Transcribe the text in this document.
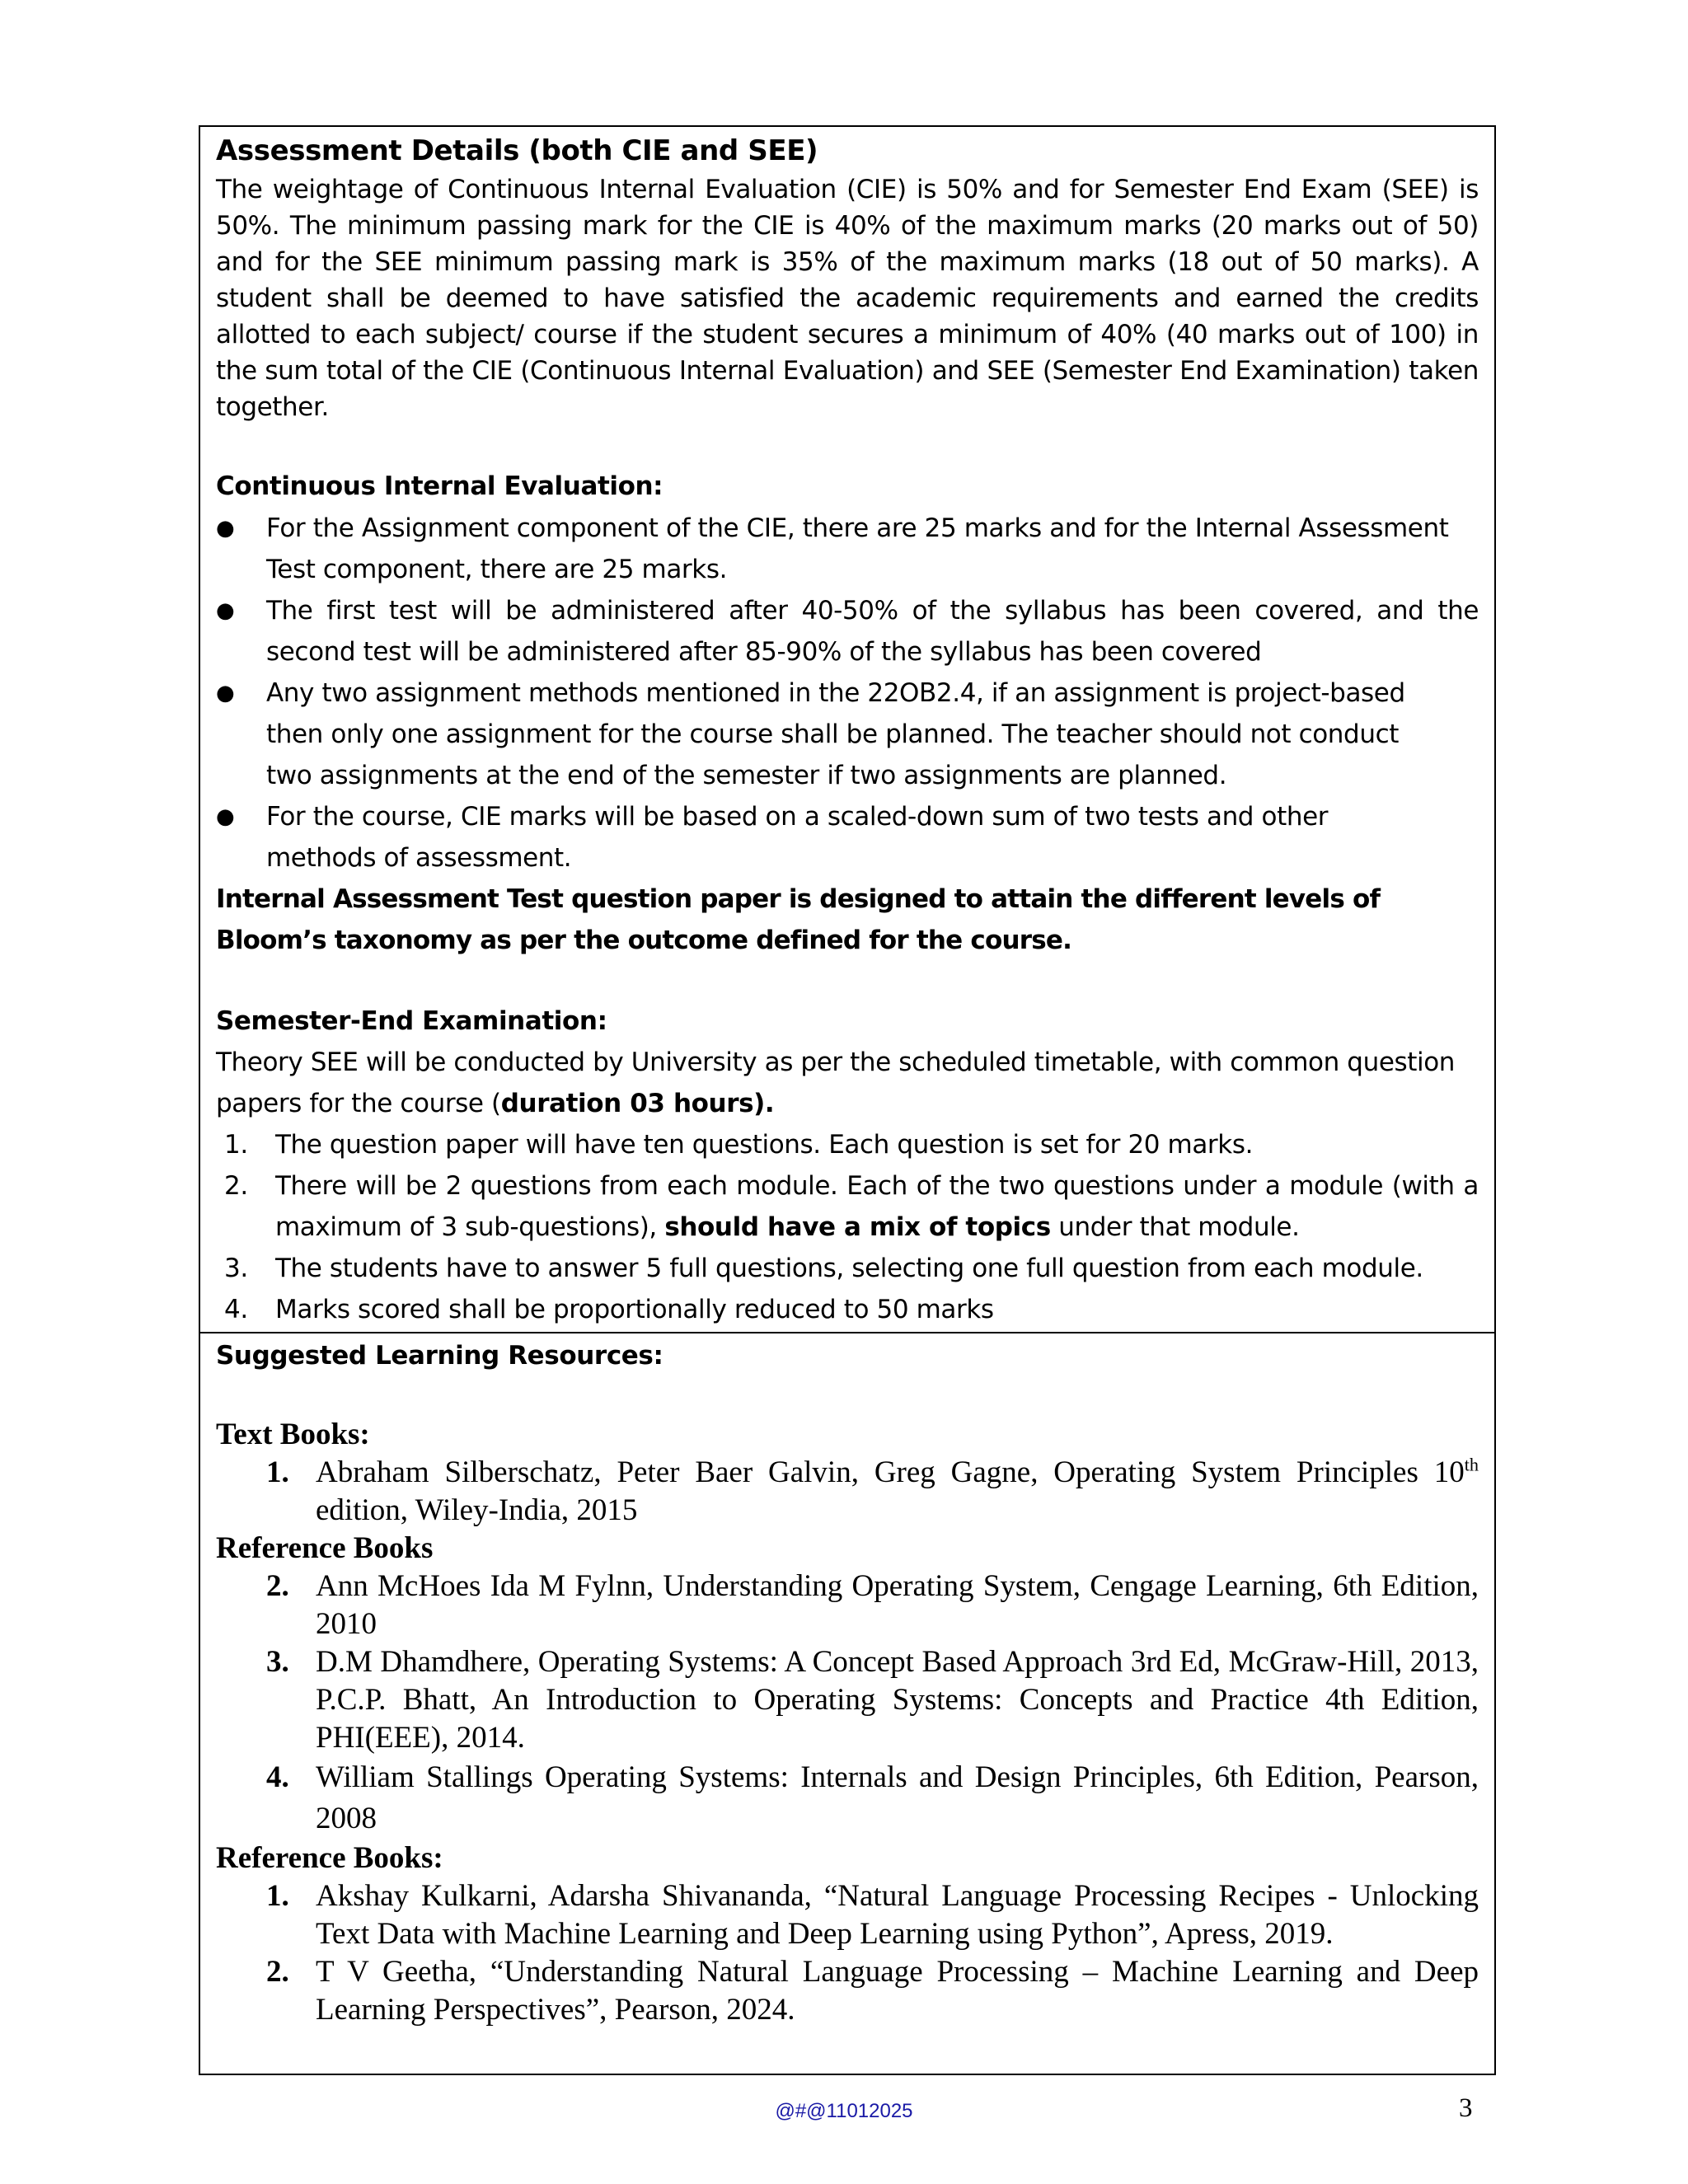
Assessment Details (both CIE and SEE)
The weightage of Continuous Internal Evaluation (CIE) is 50% and for Semester End Exam (SEE) is 50%. The minimum passing mark for the CIE is 40% of the maximum marks (20 marks out of 50) and for the SEE minimum passing mark is 35% of the maximum marks (18 out of 50 marks). A student shall be deemed to have satisfied the academic requirements and earned the credits allotted to each subject/ course if the student secures a minimum of 40% (40 marks out of 100) in the sum total of the CIE (Continuous Internal Evaluation) and SEE (Semester End Examination) taken together.
Continuous Internal Evaluation:
● For the Assignment component of the CIE, there are 25 marks and for the Internal Assessment Test component, there are 25 marks.
● The first test will be administered after 40-50% of the syllabus has been covered, and the second test will be administered after 85-90% of the syllabus has been covered
● Any two assignment methods mentioned in the 22OB2.4, if an assignment is project-based then only one assignment for the course shall be planned. The teacher should not conduct two assignments at the end of the semester if two assignments are planned.
● For the course, CIE marks will be based on a scaled-down sum of two tests and other methods of assessment.
Internal Assessment Test question paper is designed to attain the different levels of Bloom’s taxonomy as per the outcome defined for the course.
Semester-End Examination:
Theory SEE will be conducted by University as per the scheduled timetable, with common question papers for the course (duration 03 hours).
1. The question paper will have ten questions. Each question is set for 20 marks.
2. There will be 2 questions from each module. Each of the two questions under a module (with a maximum of 3 sub-questions), should have a mix of topics under that module.
3. The students have to answer 5 full questions, selecting one full question from each module.
4. Marks scored shall be proportionally reduced to 50 marks
Suggested Learning Resources:
Text Books:
1. Abraham Silberschatz, Peter Baer Galvin, Greg Gagne, Operating System Principles 10th edition, Wiley-India, 2015
Reference Books
2. Ann McHoes Ida M Fylnn, Understanding Operating System, Cengage Learning, 6th Edition, 2010
3. D.M Dhamdhere, Operating Systems: A Concept Based Approach 3rd Ed, McGraw-Hill, 2013, P.C.P. Bhatt, An Introduction to Operating Systems: Concepts and Practice 4th Edition, PHI(EEE), 2014.
4. William Stallings Operating Systems: Internals and Design Principles, 6th Edition, Pearson, 2008
Reference Books:
1. Akshay Kulkarni, Adarsha Shivananda, “Natural Language Processing Recipes - Unlocking Text Data with Machine Learning and Deep Learning using Python”, Apress, 2019.
2. T V Geetha, “Understanding Natural Language Processing – Machine Learning and Deep Learning Perspectives”, Pearson, 2024.
@#@11012025	3
